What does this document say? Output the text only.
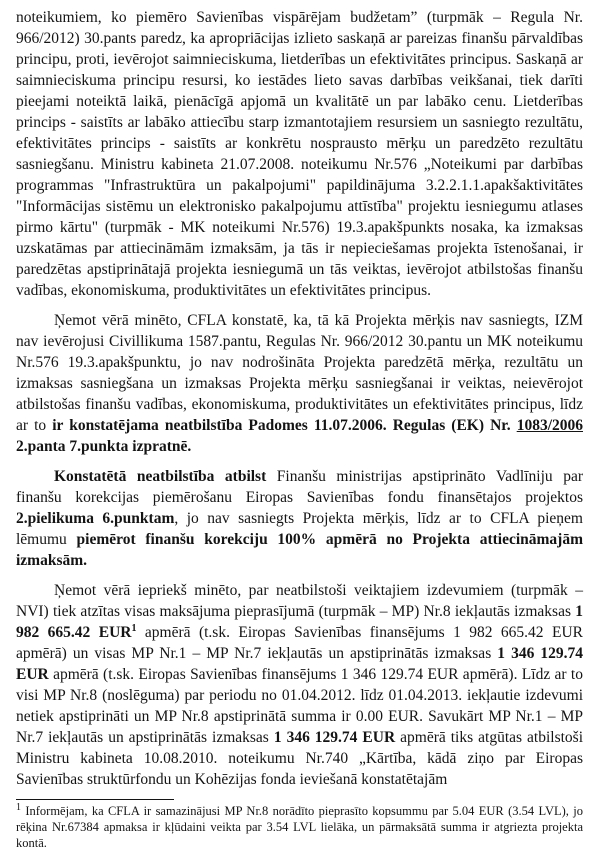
noteikumiem, ko piemēro Savienības vispārējam budžetam” (turpmāk – Regula Nr. 966/2012) 30.pants paredz, ka apropriācijas izlieto saskaņā ar pareizas finanšu pārvaldības principu, proti, ievērojot saimnieciskuma, lietderības un efektivitātes principus. Saskaņā ar saimnieciskuma principu resursi, ko iestādes lieto savas darbības veikšanai, tiek darīti pieejami noteiktā laikā, pienācīgā apjomā un kvalitātē un par labāko cenu. Lietderības princips - saistīts ar labāko attiecību starp izmantotajiem resursiem un sasniegto rezultātu, efektivitātes princips - saistīts ar konkrētu nosprausto mērķu un paredzēto rezultātu sasniegšanu. Ministru kabineta 21.07.2008. noteikumu Nr.576 „Noteikumi par darbības programmas "Infrastruktūra un pakalpojumi" papildinājuma 3.2.2.1.1.apakšaktivitātes "Informācijas sistēmu un elektronisko pakalpojumu attīstība" projektu iesniegumu atlases pirmo kārtu" (turpmāk - MK noteikumi Nr.576) 19.3.apakšpunkts nosaka, ka izmaksas uzskatāmas par attiecināmām izmaksām, ja tās ir nepieciešamas projekta īstenošanai, ir paredzētas apstiprinātajā projekta iesniegumā un tās veiktas, ievērojot atbilstošas finanšu vadības, ekonomiskuma, produktivitātes un efektivitātes principus.

Ņemot vērā minēto, CFLA konstatē, ka, tā kā Projekta mērķis nav sasniegts, IZM nav ievērojusi Civillikuma 1587.pantu, Regulas Nr. 966/2012 30.pantu un MK noteikumu Nr.576 19.3.apakšpunktu, jo nav nodrošināta Projekta paredzētā mērķa, rezultātu un izmaksas sasniegšana un izmaksas Projekta mērķu sasniegšanai ir veiktas, neievērojot atbilstošas finanšu vadības, ekonomiskuma, produktivitātes un efektivitātes principus, līdz ar to ir konstatējama neatbilstība Padomes 11.07.2006. Regulas (EK) Nr. 1083/2006 2.panta 7.punkta izpratnē.

Konstatētā neatbilstība atbilst Finanšu ministrijas apstiprināto Vadlīniju par finanšu korekcijas piemērošanu Eiropas Savienības fondu finansētajos projektos 2.pielikuma 6.punktam, jo nav sasniegts Projekta mērķis, līdz ar to CFLA pieņem lēmumu piemērot finanšu korekciju 100% apmērā no Projekta attiecināmajām izmaksām.

Ņemot vērā iepriekš minēto, par neatbilstoši veiktajiem izdevumiem (turpmāk – NVI) tiek atzītas visas maksājuma pieprasījumā (turpmāk – MP) Nr.8 iekļautās izmaksas 1 982 665.42 EUR$^1$ apmērā (t.sk. Eiropas Savienības finansējums 1 982 665.42 EUR apmērā) un visas MP Nr.1 – MP Nr.7 iekļautās un apstiprinātās izmaksas 1 346 129.74 EUR apmērā (t.sk. Eiropas Savienības finansējums 1 346 129.74 EUR apmērā). Līdz ar to visi MP Nr.8 (noslēguma) par periodu no 01.04.2012. līdz 01.04.2013. iekļautie izdevumi netiek apstiprināti un MP Nr.8 apstiprinātā summa ir 0.00 EUR. Savukārt MP Nr.1 – MP Nr.7 iekļautās un apstiprinātās izmaksas 1 346 129.74 EUR apmērā tiks atgūtas atbilstoši Ministru kabineta 10.08.2010. noteikumu Nr.740 „Kārtība, kādā ziņo par Eiropas Savienības struktūrfondu un Kohēzijas fonda ieviešanā konstatētajām

$^1$ Informējam, ka CFLA ir samazinājusi MP Nr.8 norādīto pieprasīto kopsummu par 5.04 EUR (3.54 LVL), jo rēķina Nr.67384 apmaksa ir kļūdaini veikta par 3.54 LVL lielāka, un pārmaksātā summa ir atgriezta projekta kontā.
